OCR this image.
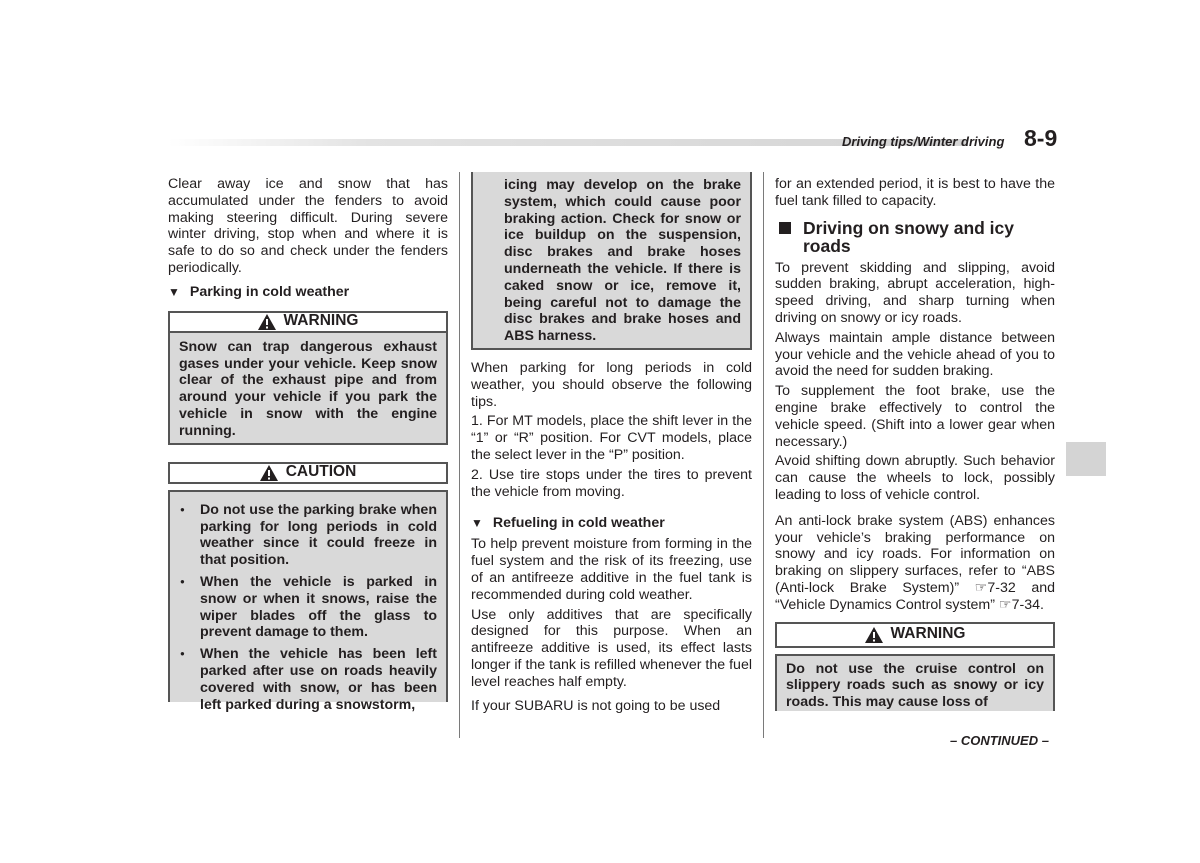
Driving tips/Winter driving 8-9

Clear away ice and snow that has accumulated under the fenders to avoid making steering difficult. During severe winter driving, stop when and where it is safe to do so and check under the fenders periodically.

▼ Parking in cold weather
WARNING
Snow can trap dangerous exhaust gases under your vehicle. Keep snow clear of the exhaust pipe and from around your vehicle if you park the vehicle in snow with the engine running.
CAUTION
● Do not use the parking brake when parking for long periods in cold weather since it could freeze in that position.
● When the vehicle is parked in snow or when it snows, raise the wiper blades off the glass to prevent damage to them.
● When the vehicle has been left parked after use on roads heavily covered with snow, or has been left parked during a snowstorm,
icing may develop on the brake system, which could cause poor braking action. Check for snow or ice buildup on the suspension, disc brakes and brake hoses underneath the vehicle. If there is caked snow or ice, remove it, being careful not to damage the disc brakes and brake hoses and ABS harness.

When parking for long periods in cold weather, you should observe the following tips.

1. For MT models, place the shift lever in the “1” or “R” position. For CVT models, place the select lever in the “P” position.

2. Use tire stops under the tires to prevent the vehicle from moving.

▼ Refueling in cold weather

To help prevent moisture from forming in the fuel system and the risk of its freezing, use of an antifreeze additive in the fuel tank is recommended during cold weather.

Use only additives that are specifically designed for this purpose. When an antifreeze additive is used, its effect lasts longer if the tank is refilled whenever the fuel level reaches half empty.

If your SUBARU is not going to be used

for an extended period, it is best to have the fuel tank filled to capacity.

Driving on snowy and icy roads

To prevent skidding and slipping, avoid sudden braking, abrupt acceleration, high-speed driving, and sharp turning when driving on snowy or icy roads.

Always maintain ample distance between your vehicle and the vehicle ahead of you to avoid the need for sudden braking.

To supplement the foot brake, use the engine brake effectively to control the vehicle speed. (Shift into a lower gear when necessary.)

Avoid shifting down abruptly. Such behavior can cause the wheels to lock, possibly leading to loss of vehicle control.

An anti-lock brake system (ABS) enhances your vehicle’s braking performance on snowy and icy roads. For information on braking on slippery surfaces, refer to “ABS (Anti-lock Brake System)” ☞7-32 and “Vehicle Dynamics Control system” ☞7-34.

WARNING
Do not use the cruise control on slippery roads such as snowy or icy roads. This may cause loss of
– CONTINUED –
